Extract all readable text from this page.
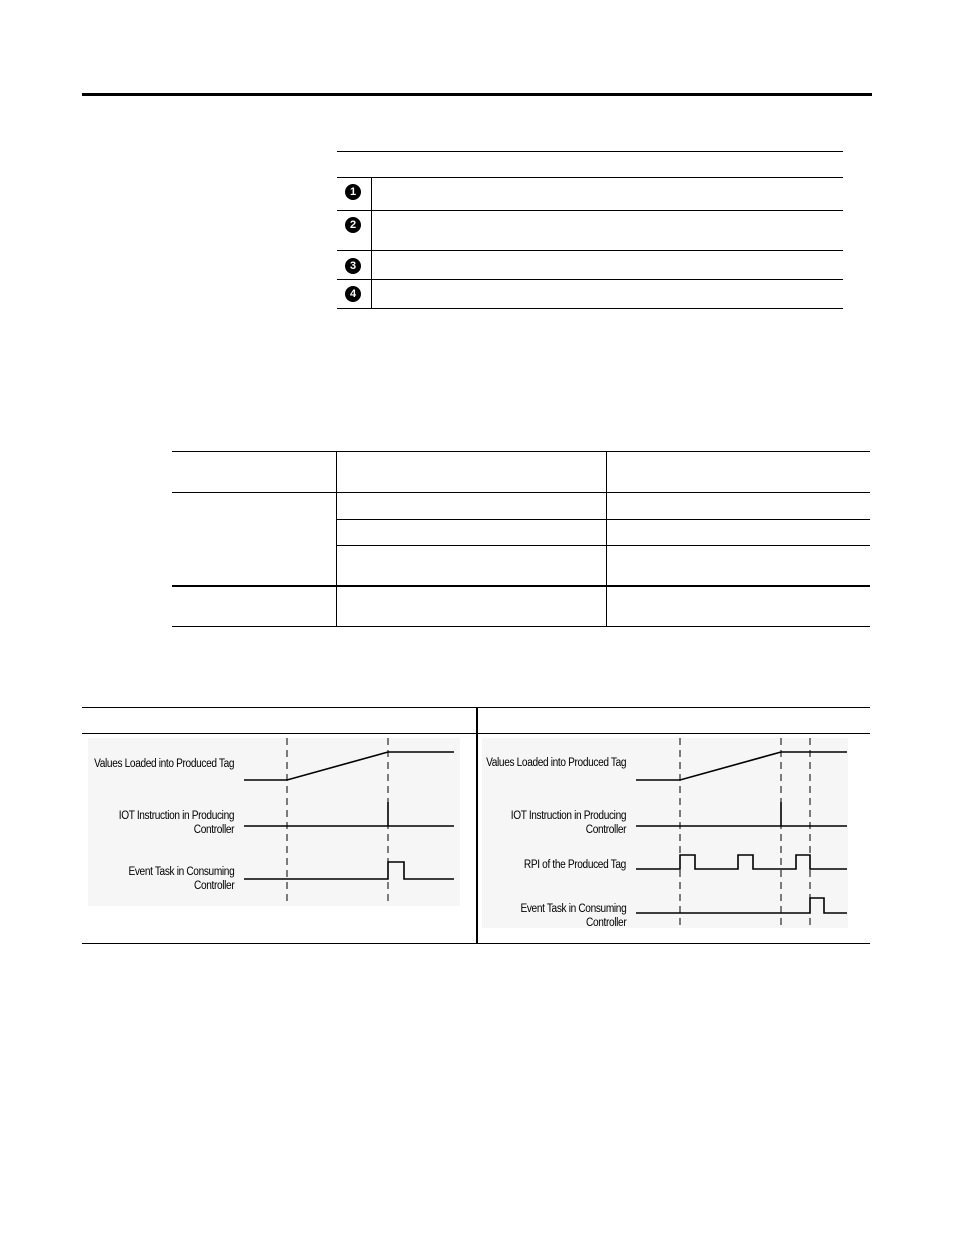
1
2
3
4
Values Loaded into Produced Tag
IOT Instruction in Producing
Controller
Event Task in Consuming
Controller
Values Loaded into Produced Tag
IOT Instruction in Producing
Controller
RPI of the Produced Tag
Event Task in Consuming
Controller
